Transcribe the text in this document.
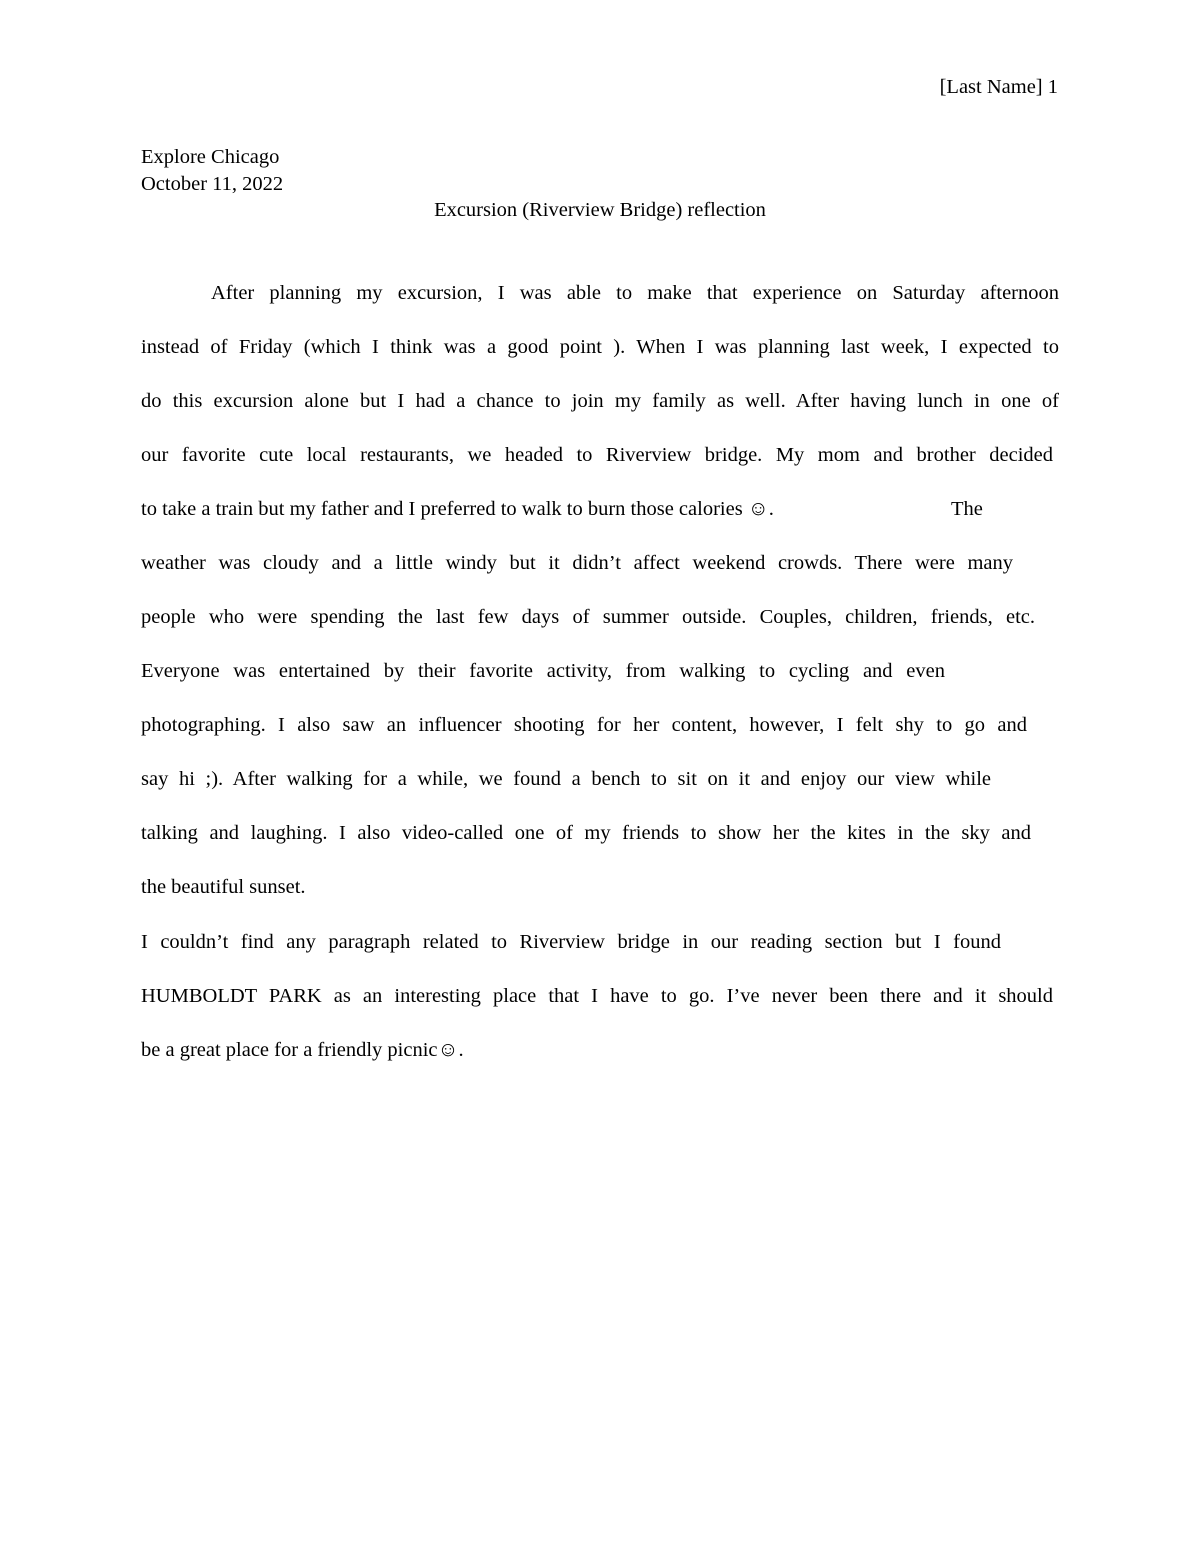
[Last Name] 1
Explore Chicago
October 11, 2022
Excursion (Riverview Bridge) reflection
After planning my excursion, I was able to make that experience on Saturday afternoon
instead of Friday (which I think was a good point ). When I was planning last week, I expected to
do this excursion alone but I had a chance to join my family as well. After having lunch in one of
our favorite cute local restaurants, we headed to Riverview bridge. My mom and brother decided
to take a train but my father and I preferred to walk to burn those calories ☺.	The
weather was cloudy and a little windy but it didn’t affect weekend crowds. There were many
people who were spending the last few days of summer outside. Couples, children, friends, etc.
Everyone was entertained by their favorite activity, from walking to cycling and even
photographing. I also saw an influencer shooting for her content, however, I felt shy to go and
say hi ;). After walking for a while, we found a bench to sit on it and enjoy our view while
talking and laughing. I also video-called one of my friends to show her the kites in the sky and
the beautiful sunset.
I couldn’t find any paragraph related to Riverview bridge in our reading section but I found
HUMBOLDT PARK as an interesting place that I have to go. I’ve never been there and it should
be a great place for a friendly picnic☺.
